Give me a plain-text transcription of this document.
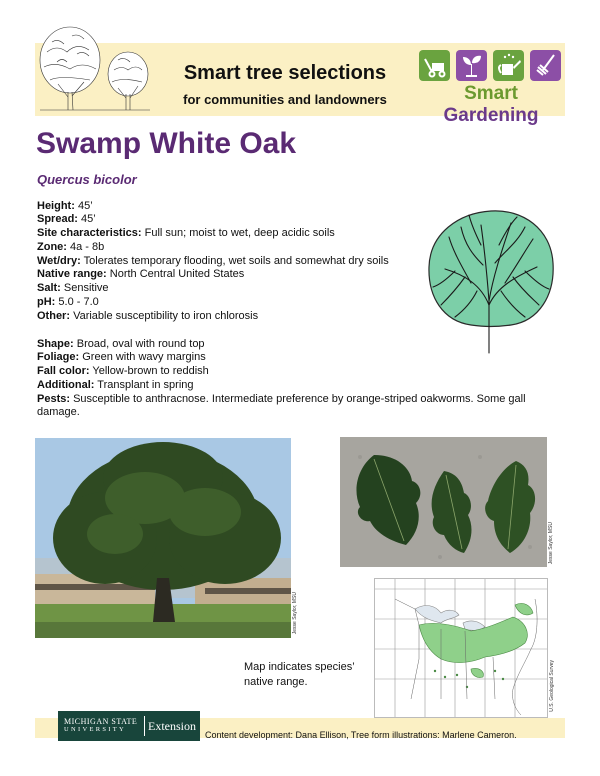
Smart tree selections
for communities and landowners	Smart Gardening
Swamp White Oak
Quercus bicolor
Height: 45’
Spread: 45’
Site characteristics: Full sun; moist to wet, deep acidic soils
Zone: 4a - 8b
Wet/dry: Tolerates temporary flooding, wet soils and somewhat dry soils
Native range: North Central United States
Salt: Sensitive
pH: 5.0 - 7.0
Other: Variable susceptibility to iron chlorosis
Shape: Broad, oval with round top
Foliage: Green with wavy margins
Fall color: Yellow-brown to reddish
Additional: Transplant in spring
Pests: Susceptible to anthracnose. Intermediate preference by orange-striped oakworms. Some gall damage.
Jesse Saylor, MSU
Jesse Saylor, MSU
U.S. Geological Survey
Map indicates species’ native range.
MICHIGAN STATE
UNIVERSITY Extension
Content development: Dana Ellison, Tree form illustrations: Marlene Cameron.
